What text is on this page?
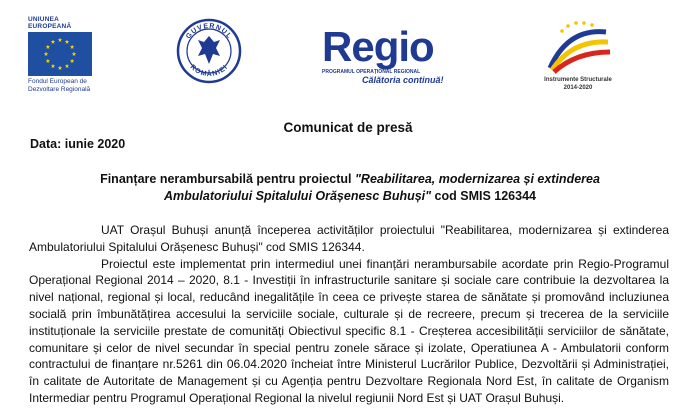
UNIUNEA EUROPEANĂ
Fondul European de
Dezvoltare Regională
GUVERNUL
ROMÂNIEI Regio
PROGRAMUL OPERAȚIONAL REGIONAL
Călătoria continuă!	Instrumente Structurale
2014-2020
Comunicat de presă
Data: iunie 2020
Finanțare nerambursabilă pentru proiectul "Reabilitarea, modernizarea și extinderea Ambulatoriului Spitalului Orășenesc Buhuși" cod SMIS 126344

UAT Orașul Buhuși anunță începerea activităților proiectului "Reabilitarea, modernizarea și extinderea Ambulatoriului Spitalului Orășenesc Buhuși" cod SMIS 126344.

Proiectul este implementat prin intermediul unei finanțări nerambursabile acordate prin Regio-Programul Operațional Regional 2014 – 2020, 8.1 - Investiții în infrastructurile sanitare și sociale care contribuie la dezvoltarea la nivel național, regional și local, reducând inegalitățile în ceea ce privește starea de sănătate și promovând incluziunea socială prin îmbunătățirea accesului la serviciile sociale, culturale și de recreere, precum și trecerea de la serviciile instituționale la serviciile prestate de comunități Obiectivul specific 8.1 - Creșterea accesibilității serviciilor de sănătate, comunitare și celor de nivel secundar în special pentru zonele sărace și izolate, Operatiunea A - Ambulatorii conform contractului de finanțare nr.5261 din 06.04.2020 încheiat între Ministerul Lucrărilor Publice, Dezvoltării și Administrației, în calitate de Autoritate de Management și cu Agenția pentru Dezvoltare Regionala Nord Est, în calitate de Organism Intermediar pentru Programul Operațional Regional la nivelul regiunii Nord Est și UAT Orașul Buhuși.
